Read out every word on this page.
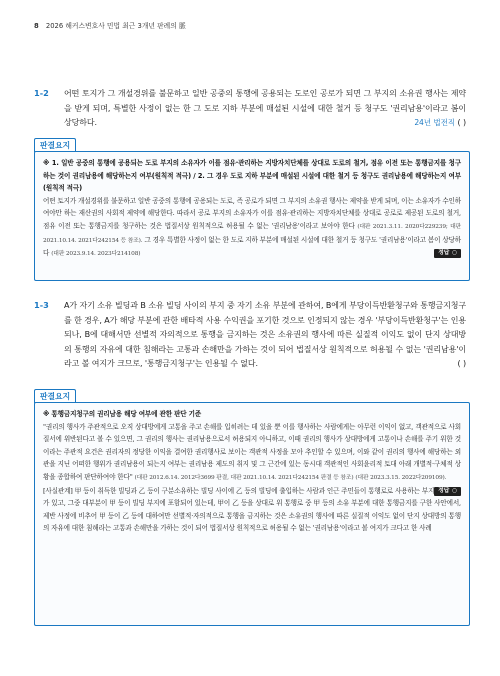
8 2026 해커스변호사 민법 최근 3개년 판례의 脈
1-2 어떤 토지가 그 개설경위를 불문하고 일반 공중의 통행에 공용되는 도로인 공로가 되면 그 부지의 소유권 행사는 제약을 받게 되며, 특별한 사정이 없는 한 그 도로 지하 부분에 매설된 시설에 대한 철거 등 청구도 '권리남용'이라고 봄이 상당하다.	24년 법전직 ( )
판결요지
※ 1. 일반 공중의 통행에 공용되는 도로 부지의 소유자가 이를 점유·관리하는 지방자치단체를 상대로 도로의 철거, 점유 이전 또는 통행금지를 청구하는 것이 권리남용에 해당하는지 여부(원칙적 적극) / 2. 그 경우 도로 지하 부분에 매설된 시설에 대한 철거 등 청구도 권리남용에 해당하는지 여부(원칙적 적극)
어떤 토지가 개설경위를 불문하고 일반 공중의 통행에 공용되는 도로, 즉 공로가 되면 그 부지의 소유권 행사는 제약을 받게 되며, 이는 소유자가 수인하여야만 하는 재산권의 사회적 제약에 해당한다. 따라서 공로 부지의 소유자가 이를 점유·관리하는 지방자치단체를 상대로 공로로 제공된 도로의 철거, 점유 이전 또는 통행금지를 청구하는 것은 법질서상 원칙적으로 허용될 수 없는 '권리남용'이라고 보아야 한다 (대판 2021.3.11. 2020다229239; 대판 2021.10.14. 2021다242154 등 참조). 그 경우 특별한 사정이 없는 한 도로 지하 부분에 매설된 시설에 대한 철거 등 청구도 '권리남용'이라고 봄이 상당하다 (대판 2023.9.14. 2023다214108)	정답 ○
1-3 A가 자기 소유 빌딩과 B 소유 빌딩 사이의 부지 중 자기 소유 부분에 관하여, B에게 부당이득반환청구와 통행금지청구를 한 경우, A가 해당 부분에 관한 배타적 사용 수익권을 포기한 것으로 인정되지 않는 경우 '부당이득반환청구'는 인용되나, B에 대해서만 선별적 자의적으로 통행을 금지하는 것은 소유권의 행사에 따른 실질적 이익도 없이 단지 상대방의 통행의 자유에 대한 침해라는 고통과 손해만을 가하는 것이 되어 법질서상 원칙적으로 허용될 수 없는 '권리남용'이라고 볼 여지가 크므로, '통행금지청구'는 인용될 수 없다.	( )
판결요지
※ 통행금지청구의 권리남용 해당 여부에 관한 판단 기준
"권리의 행사가 주관적으로 오직 상대방에게 고통을 주고 손해를 입히려는 데 있을 뿐 이를 행사하는 사람에게는 아무런 이익이 없고, 객관적으로 사회질서에 위반된다고 볼 수 있으면, 그 권리의 행사는 권리남용으로서 허용되지 아니하고, 이때 권리의 행사가 상대방에게 고통이나 손해를 주기 위한 것이라는 주관적 요건은 권리자의 정당한 이익을 결여한 권리행사로 보이는 객관적 사정을 모아 추인할 수 있으며, 이와 같이 권리의 행사에 해당하는 외관을 지닌 어떠한 행위가 권리남용이 되는지 여부는 권리남용 제도의 취지 및 그 근간에 있는 동시대 객관적인 사회윤리적 토대 아래 개별적·구체적 상황을 종합하여 판단하여야 한다" (대판 2012.6.14. 2012다3699 판결, 대판 2021.10.14. 2021다242154 판결 등 참조) (대판 2023.3.15. 2022다209109).
정답 ○

[사실관계] 甲 등이 취득한 빌딩과 乙 등이 구분소유하는 빌딩 사이에 乙 등의 빌딩에 출입하는 사람과 인근 주민들이 통행로로 사용하는 부지가 있고, 그중 대부분이 甲 등이 빌딩 부지에 포함되어 있는데, 甲이 乙 등을 상대로 위 통행로 중 甲 등의 소유 부분에 대한 통행금지를 구한 사안에서, 제반 사정에 비추어 甲 등이 乙 등에 대하여만 선별적·자의적으로 통행을 금지하는 것은 소유권의 행사에 따른 실질적 이익도 없이 단지 상대방의 통행의 자유에 대한 침해라는 고통과 손해만을 가하는 것이 되어 법질서상 원칙적으로 허용될 수 없는 '권리남용'이라고 볼 여지가 크다고 한 사례
